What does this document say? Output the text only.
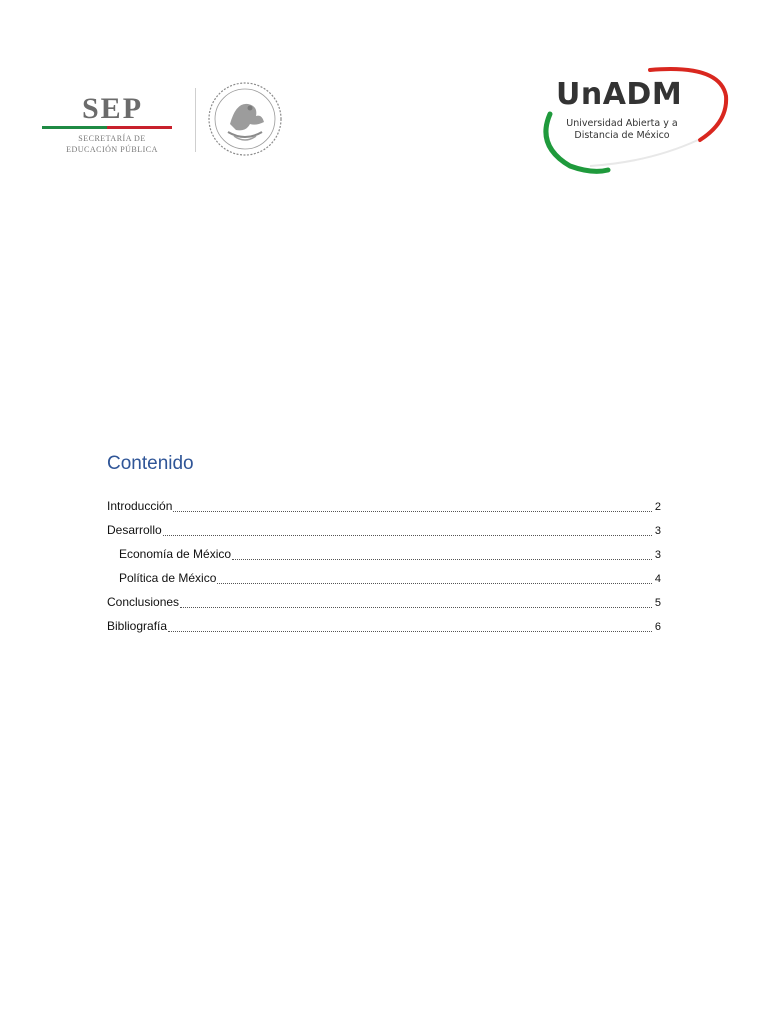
SEP
SECRETARÍA DE
EDUCACIÓN PÚBLICA
UnADM
Universidad Abierta y a
Distancia de México
Contenido
Introducción	2
Desarrollo	3
Economía de México	3
Política de México	4
Conclusiones	5
Bibliografía	6
